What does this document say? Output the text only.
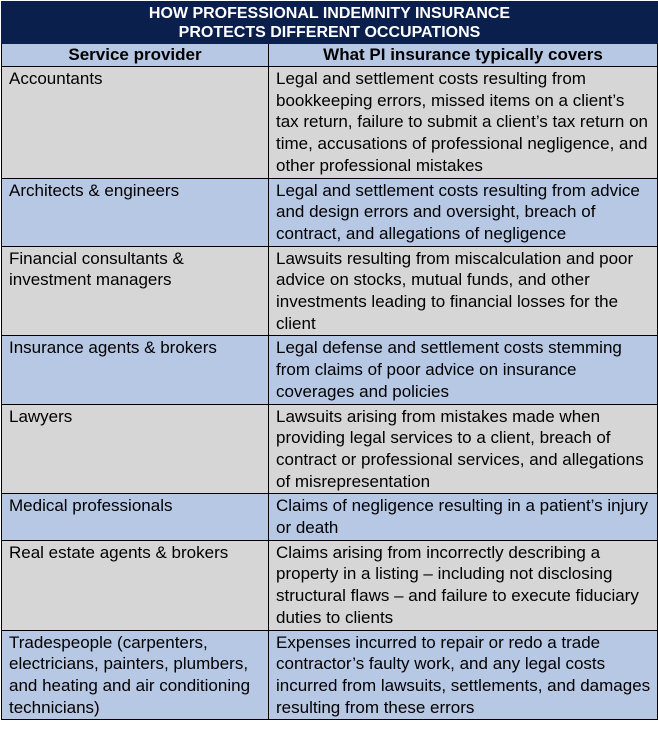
HOW PROFESSIONAL INDEMNITY INSURANCE
PROTECTS DIFFERENT OCCUPATIONS	

Service provider	What PI insurance typically covers
Accountants	Legal and settlement costs resulting from bookkeeping errors, missed items on a client’s tax return, failure to submit a client’s tax return on time, accusations of professional negligence, and other professional mistakes
Architects & engineers	Legal and settlement costs resulting from advice and design errors and oversight, breach of contract, and allegations of negligence
Financial consultants & investment managers	Lawsuits resulting from miscalculation and poor advice on stocks, mutual funds, and other investments leading to financial losses for the client
Insurance agents & brokers	Legal defense and settlement costs stemming from claims of poor advice on insurance coverages and policies
Lawyers	Lawsuits arising from mistakes made when providing legal services to a client, breach of contract or professional services, and allegations of misrepresentation
Medical professionals	Claims of negligence resulting in a patient’s injury or death
Real estate agents & brokers	Claims arising from incorrectly describing a property in a listing – including not disclosing structural flaws – and failure to execute fiduciary duties to clients
Tradespeople (carpenters, electricians, painters, plumbers, and heating and air conditioning technicians)	Expenses incurred to repair or redo a trade contractor’s faulty work, and any legal costs incurred from lawsuits, settlements, and damages resulting from these errors
